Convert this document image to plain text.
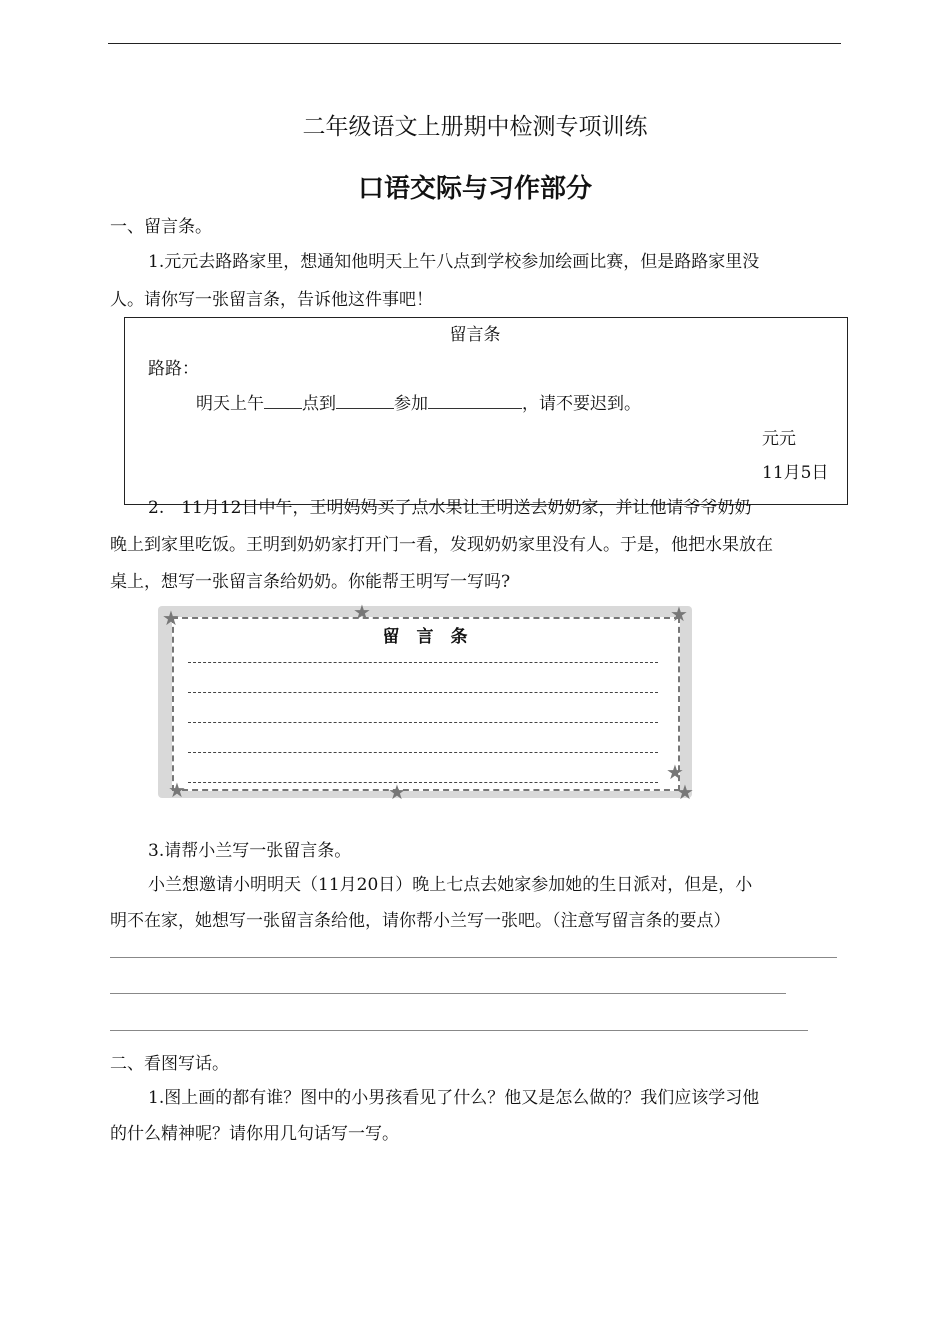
二年级语文上册期中检测专项训练
口语交际与习作部分
一、留言条。
1.元元去路路家里，想通知他明天上午八点到学校参加绘画比赛，但是路路家里没
人。请你写一张留言条，告诉他这件事吧！
留言条
路路：
明天上午 点到	参加	，请不要迟到。
元元
11月5日
2.　11月12日中午，王明妈妈买了点水果让王明送去奶奶家，并让他请爷爷奶奶
晚上到家里吃饭。王明到奶奶家打开门一看，发现奶奶家里没有人。于是，他把水果放在
桌上，想写一张留言条给奶奶。你能帮王明写一写吗?
留　言　条
★	★	★
★
★	★	★
3.请帮小兰写一张留言条。
小兰想邀请小明明天（11月20日）晚上七点去她家参加她的生日派对，但是，小
明不在家，她想写一张留言条给他，请你帮小兰写一张吧。（注意写留言条的要点）
二、看图写话。
1.图上画的都有谁？图中的小男孩看见了什么？他又是怎么做的？我们应该学习他
的什么精神呢？请你用几句话写一写。
